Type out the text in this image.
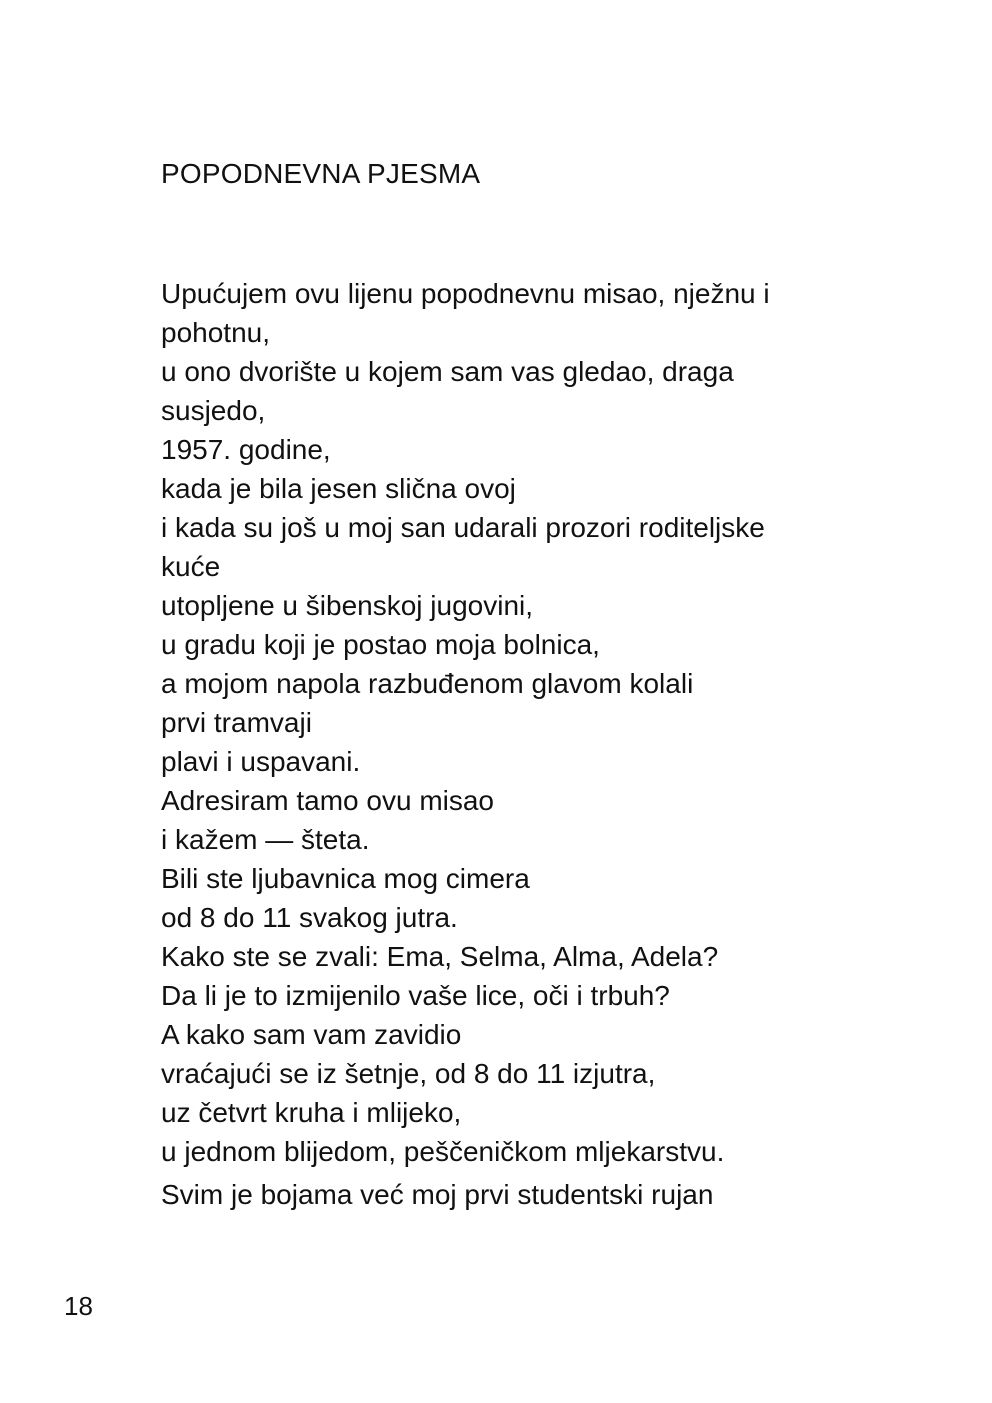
POPODNEVNA PJESMA
Upućujem ovu lijenu popodnevnu misao, nježnu i
pohotnu,
u ono dvorište u kojem sam vas gledao, draga
susjedo,
1957. godine,
kada je bila jesen slična ovoj
i kada su još u moj san udarali prozori roditeljske
kuće
utopljene u šibenskoj jugovini,
u gradu koji je postao moja bolnica,
a mojom napola razbuđenom glavom kolali
prvi tramvaji
plavi i uspavani.
Adresiram tamo ovu misao
i kažem — šteta.
Bili ste ljubavnica mog cimera
od 8 do 11 svakog jutra.
Kako ste se zvali: Ema, Selma, Alma, Adela?
Da li je to izmijenilo vaše lice, oči i trbuh?
A kako sam vam zavidio
vraćajući se iz šetnje, od 8 do 11 izjutra,
uz četvrt kruha i mlijeko,
u jednom blijedom, peščeničkom mljekarstvu.
Svim je bojama već moj prvi studentski rujan
18
